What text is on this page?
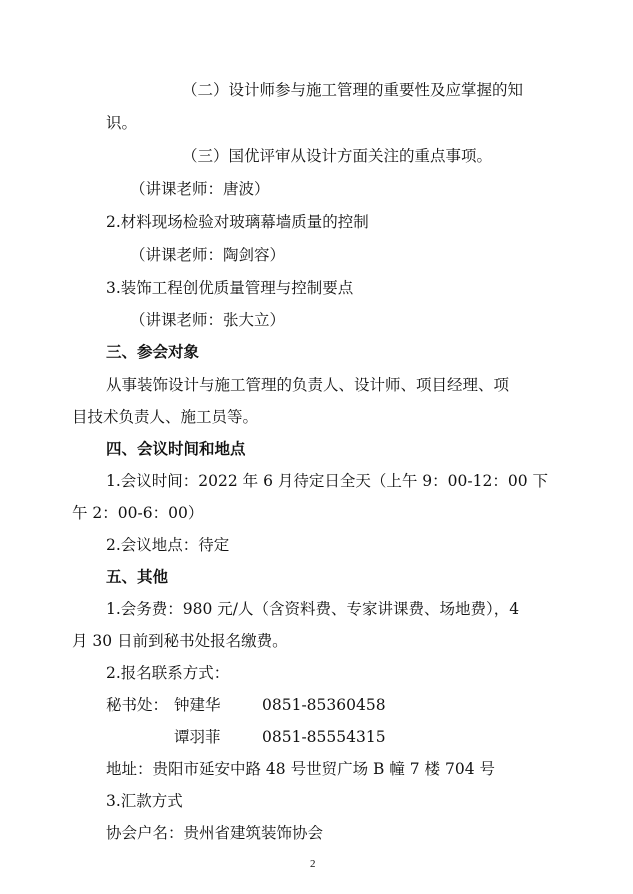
（二）设计师参与施工管理的重要性及应掌握的知
识。
（三）国优评审从设计方面关注的重点事项。
（讲课老师：唐波）
2.材料现场检验对玻璃幕墙质量的控制
（讲课老师：陶剑容）
3.装饰工程创优质量管理与控制要点
（讲课老师：张大立）
三、参会对象
从事装饰设计与施工管理的负责人、设计师、项目经理、项
目技术负责人、施工员等。
四、会议时间和地点
1.会议时间：2022 年 6 月待定日全天（上午 9：00-12：00 下
午 2：00-6：00）
2.会议地点：待定
五、其他
1.会务费：980 元/人（含资料费、专家讲课费、场地费），4
月 30 日前到秘书处报名缴费。
2.报名联系方式：
秘书处： 钟建华	0851-85360458
谭羽菲	0851-85554315
地址：贵阳市延安中路 48 号世贸广场 B 幢 7 楼 704 号
3.汇款方式
协会户名：贵州省建筑装饰协会
2
